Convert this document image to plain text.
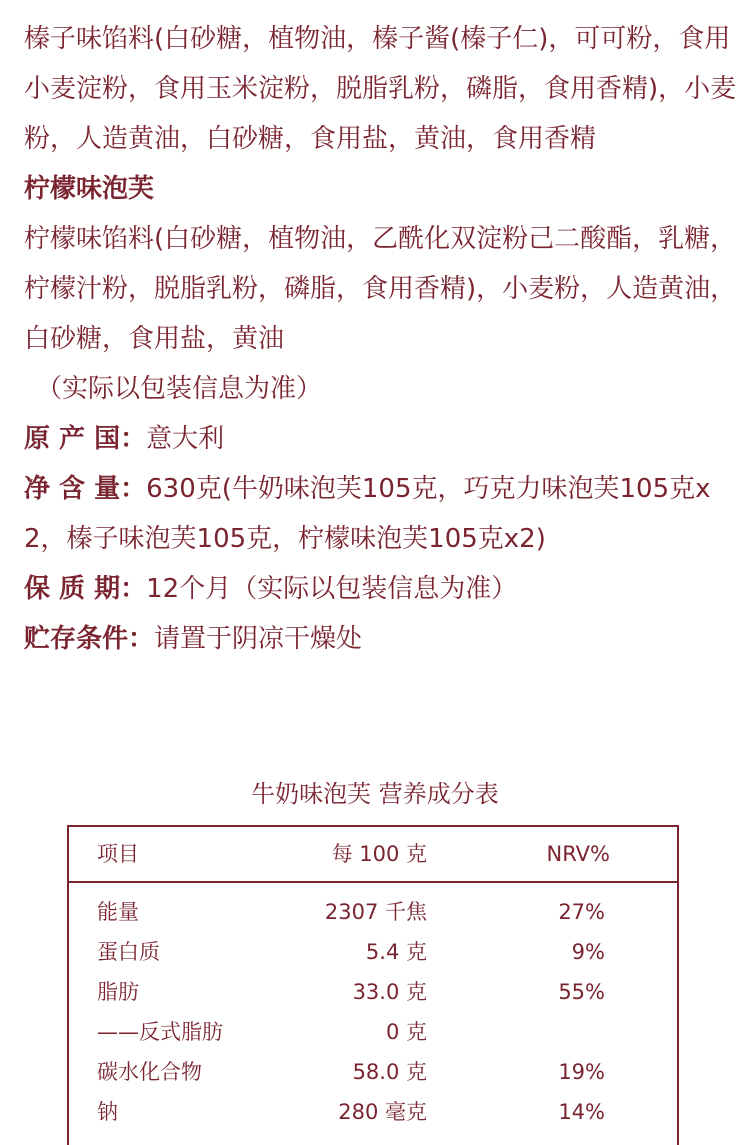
榛子味馅料(白砂糖，植物油，榛子酱(榛子仁)，可可粉，食用小麦淀粉，食用玉米淀粉，脱脂乳粉，磷脂，食用香精)，小麦粉，人造黄油，白砂糖，食用盐，黄油，食用香精

柠檬味泡芙

柠檬味馅料(白砂糖，植物油，乙酰化双淀粉己二酸酯，乳糖，柠檬汁粉，脱脂乳粉，磷脂，食用香精)，小麦粉，人造黄油，白砂糖，食用盐，黄油

（实际以包装信息为准）

原 产 国：意大利

净 含 量：630克(牛奶味泡芙105克，巧克力味泡芙105克x2，榛子味泡芙105克，柠檬味泡芙105克x2)

保 质 期：12个月（实际以包装信息为准）

贮存条件：请置于阴凉干燥处

牛奶味泡芙 营养成分表
项目	每 100 克	NRV%
能量	2307 千焦	27%
蛋白质	5.4 克	9%
脂肪	33.0 克	55%
——反式脂肪	0 克
碳水化合物	58.0 克	19%
钠	280 毫克	14%
